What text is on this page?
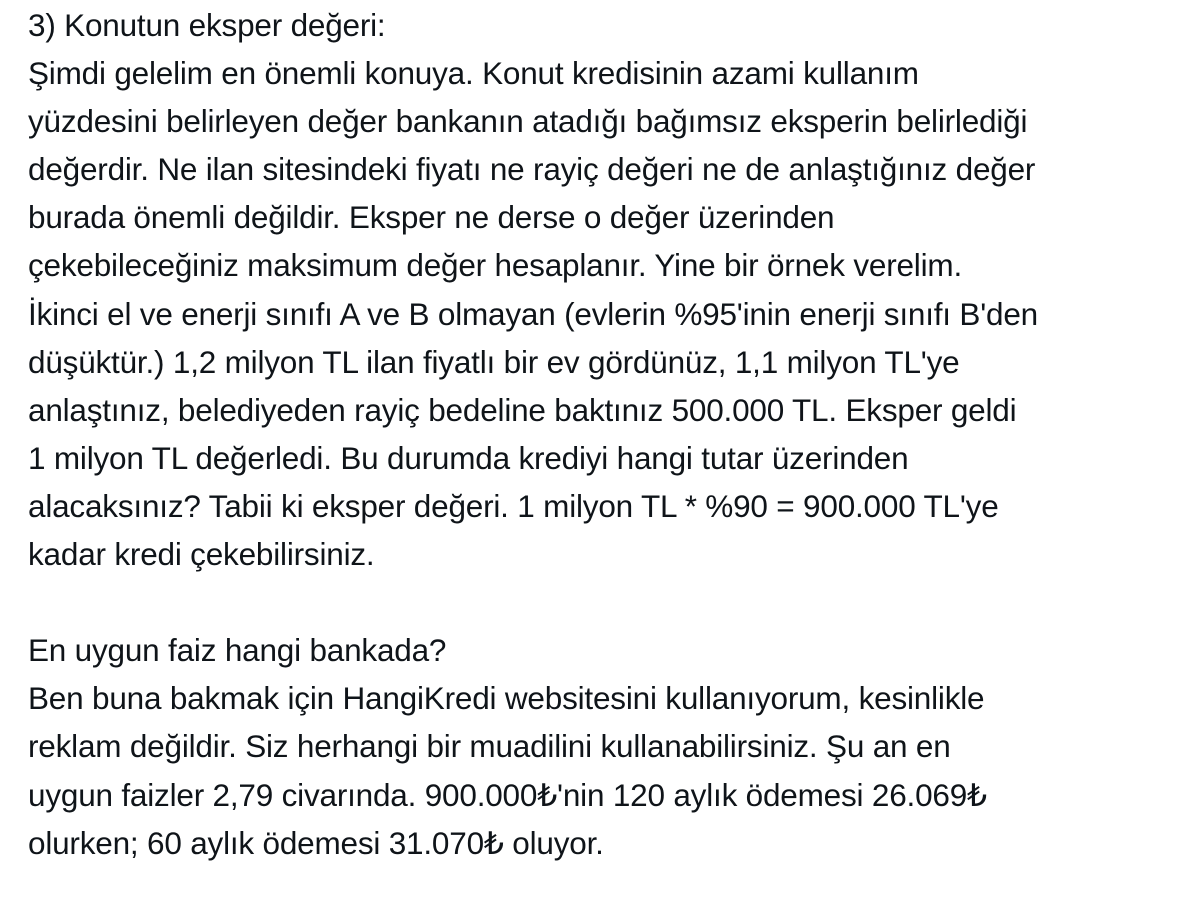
3) Konutun eksper değeri:
Şimdi gelelim en önemli konuya. Konut kredisinin azami kullanım
yüzdesini belirleyen değer bankanın atadığı bağımsız eksperin belirlediği
değerdir. Ne ilan sitesindeki fiyatı ne rayiç değeri ne de anlaştığınız değer
burada önemli değildir. Eksper ne derse o değer üzerinden
çekebileceğiniz maksimum değer hesaplanır. Yine bir örnek verelim.
İkinci el ve enerji sınıfı A ve B olmayan (evlerin %95'inin enerji sınıfı B'den
düşüktür.) 1,2 milyon TL ilan fiyatlı bir ev gördünüz, 1,1 milyon TL'ye
anlaştınız, belediyeden rayiç bedeline baktınız 500.000 TL. Eksper geldi
1 milyon TL değerledi. Bu durumda krediyi hangi tutar üzerinden
alacaksınız? Tabii ki eksper değeri. 1 milyon TL * %90 = 900.000 TL'ye
kadar kredi çekebilirsiniz.
En uygun faiz hangi bankada?
Ben buna bakmak için HangiKredi websitesini kullanıyorum, kesinlikle
reklam değildir. Siz herhangi bir muadilini kullanabilirsiniz. Şu an en
uygun faizler 2,79 civarında. 900.000₺'nin 120 aylık ödemesi 26.069₺
olurken; 60 aylık ödemesi 31.070₺ oluyor.
